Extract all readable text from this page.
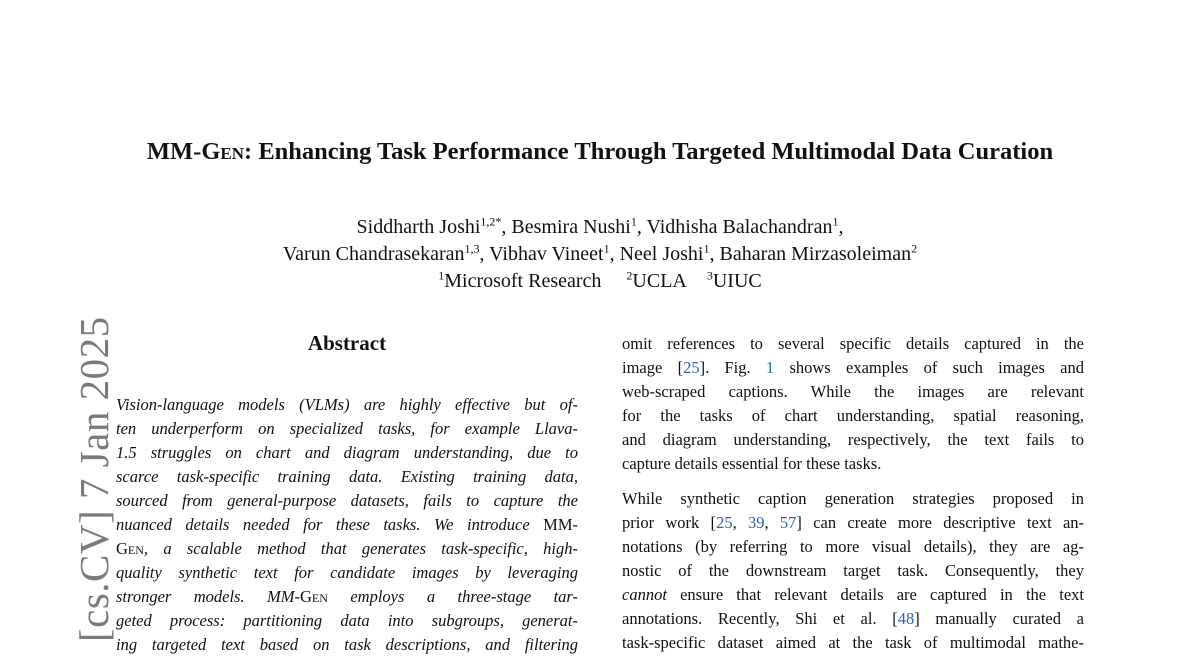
[cs.CV] 7 Jan 2025
MM-Gen: Enhancing Task Performance Through Targeted Multimodal Data Curation
Siddharth Joshi$^{1,2*}$, Besmira Nushi$^1$, Vidhisha Balachandran$^1$,
Varun Chandrasekaran$^{1,3}$, Vibhav Vineet$^1$, Neel Joshi$^1$, Baharan Mirzasoleiman$^2$
$^1$Microsoft Research $^2$UCLA $^3$UIUC
Abstract
Vision-language models (VLMs) are highly effective but of-
ten underperform on specialized tasks, for example Llava-
1.5 struggles on chart and diagram understanding, due to
scarce task-specific training data. Existing training data,
sourced from general-purpose datasets, fails to capture the
nuanced details needed for these tasks. We introduce MM-
Gen, a scalable method that generates task-specific, high-
quality synthetic text for candidate images by leveraging
stronger models. MM-Gen employs a three-stage tar-
geted process: partitioning data into subgroups, generat-
ing targeted text based on task descriptions, and filtering
omit references to several specific details captured in the
image [25]. Fig. 1 shows examples of such images and
web-scraped captions. While the images are relevant
for the tasks of chart understanding, spatial reasoning,
and diagram understanding, respectively, the text fails to
capture details essential for these tasks.
While synthetic caption generation strategies proposed in
prior work [25, 39, 57] can create more descriptive text an-
notations (by referring to more visual details), they are ag-
nostic of the downstream target task. Consequently, they
cannot ensure that relevant details are captured in the text
annotations. Recently, Shi et al. [48] manually curated a
task-specific dataset aimed at the task of multimodal mathe-
